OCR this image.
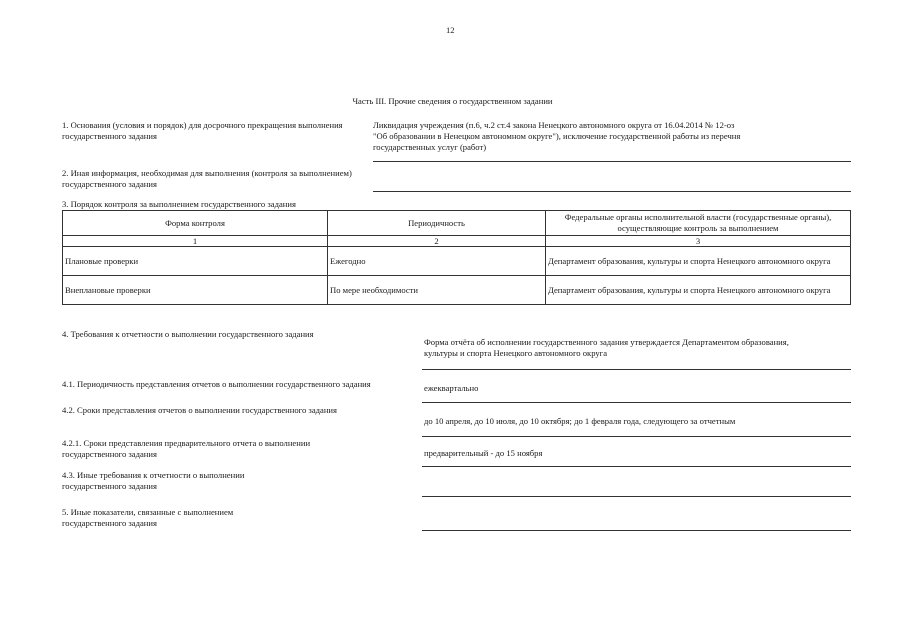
12
Часть III. Прочие сведения о государственном задании
1. Основания (условия и порядок) для досрочного прекращения выполнения государственного задания
Ликвидация учреждения (п.6, ч.2 ст.4 закона Ненецкого автономного округа от 16.04.2014 № 12-оз
"Об образовании в Ненецком автономном округе"), исключение государственной работы из перечня
государственных услуг (работ)
2. Иная информация, необходимая для выполнения (контроля за выполнением) государственного задания
3. Порядок контроля за выполнением государственного задания
Форма контроля	Периодичность	Федеральные органы исполнительной власти (государственные органы), осуществляющие контроль за выполнением
1	2	3
Плановые проверки	Ежегодно	Департамент образования, культуры и спорта Ненецкого автономного округа
Внеплановые проверки	По мере необходимости	Департамент образования, культуры и спорта Ненецкого автономного округа
4. Требования к отчетности о выполнении государственного задания
Форма отчёта об исполнении государственного задания утверждается Департаментом образования, культуры и спорта Ненецкого автономного округа
4.1. Периодичность представления отчетов о выполнении государственного задания	ежеквартально
4.2. Сроки представления отчетов о выполнении государственного задания
до 10 апреля, до 10 июля, до 10 октября; до 1 февраля года, следующего за отчетным
4.2.1. Сроки представления предварительного отчета о выполнении государственного задания	предварительный - до 15 ноября
4.3. Иные требования к отчетности о выполнении государственного задания
5. Иные показатели, связанные с выполнением государственного задания
